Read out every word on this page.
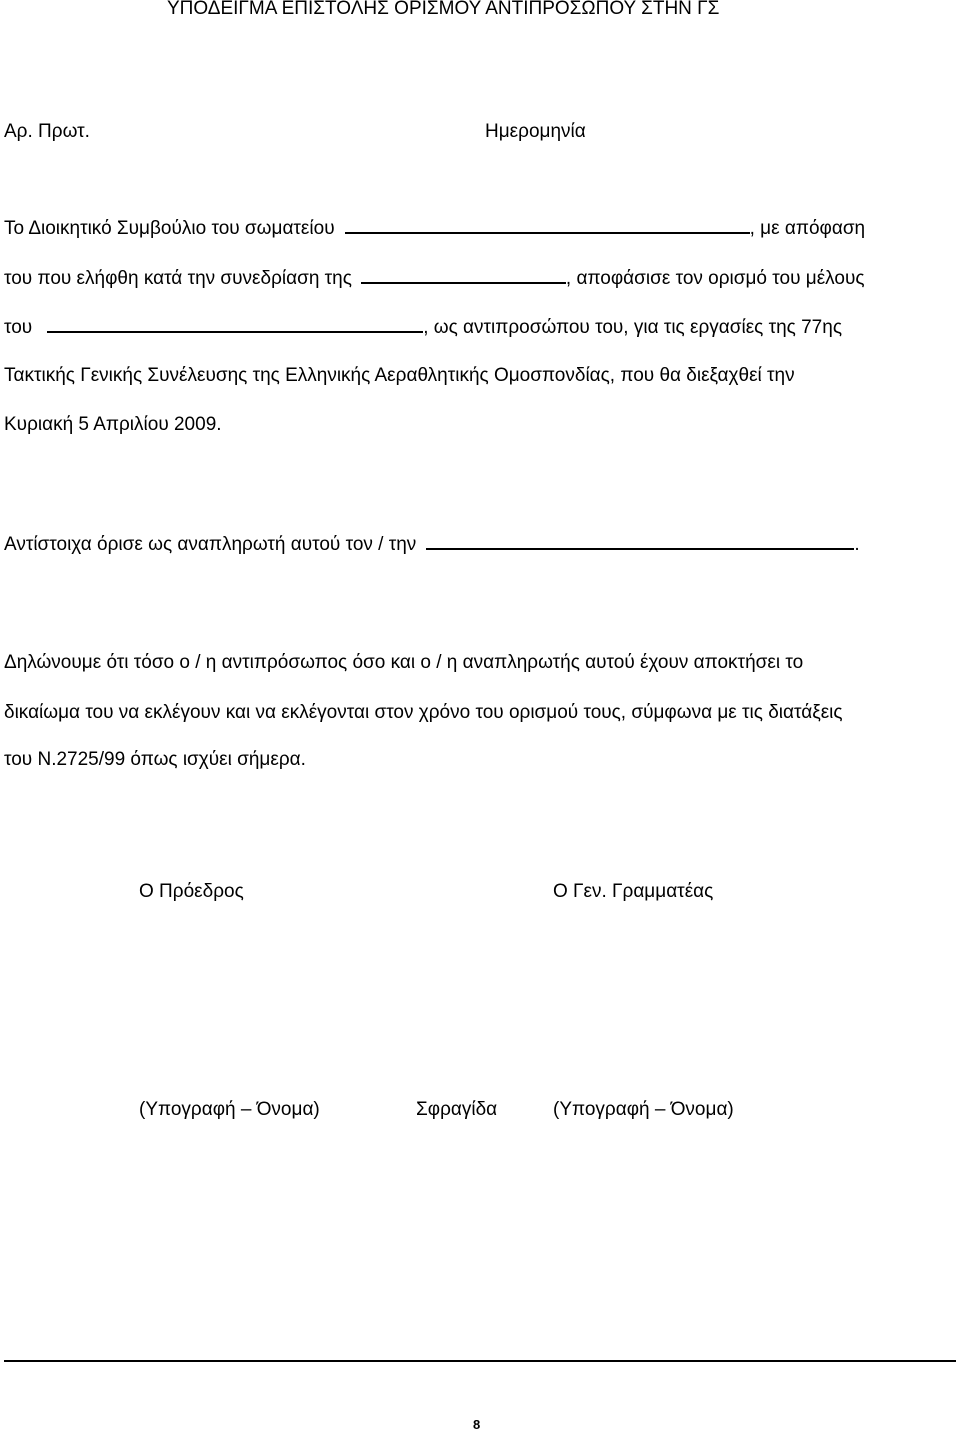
ΥΠΟΔΕΙΓΜΑ ΕΠΙΣΤΟΛΗΣ ΟΡΙΣΜΟΥ ΑΝΤΙΠΡΟΣΩΠΟΥ ΣΤΗΝ ΓΣ
Αρ. Πρωτ.	Ημερομηνία
Το Διοικητικό Συμβούλιο του σωματείου	, με απόφαση
του που ελήφθη κατά την συνεδρίαση της	, αποφάσισε τον ορισμό του μέλους
του	, ως αντιπροσώπου του, για τις εργασίες της 77ης
Τακτικής Γενικής Συνέλευσης της Ελληνικής Αεραθλητικής Ομοσπονδίας, που θα διεξαχθεί την
Κυριακή 5 Απριλίου 2009.
Αντίστοιχα όρισε ως αναπληρωτή αυτού τον / την	.
Δηλώνουμε ότι τόσο ο / η αντιπρόσωπος όσο και ο / η αναπληρωτής αυτού έχουν αποκτήσει το
δικαίωμα του να εκλέγουν και να εκλέγονται στον χρόνο του ορισμού τους, σύμφωνα με τις διατάξεις
του Ν.2725/99 όπως ισχύει σήμερα.
Ο Πρόεδρος	Ο Γεν. Γραμματέας
(Υπογραφή – Όνομα)	Σφραγίδα	(Υπογραφή – Όνομα)
8
